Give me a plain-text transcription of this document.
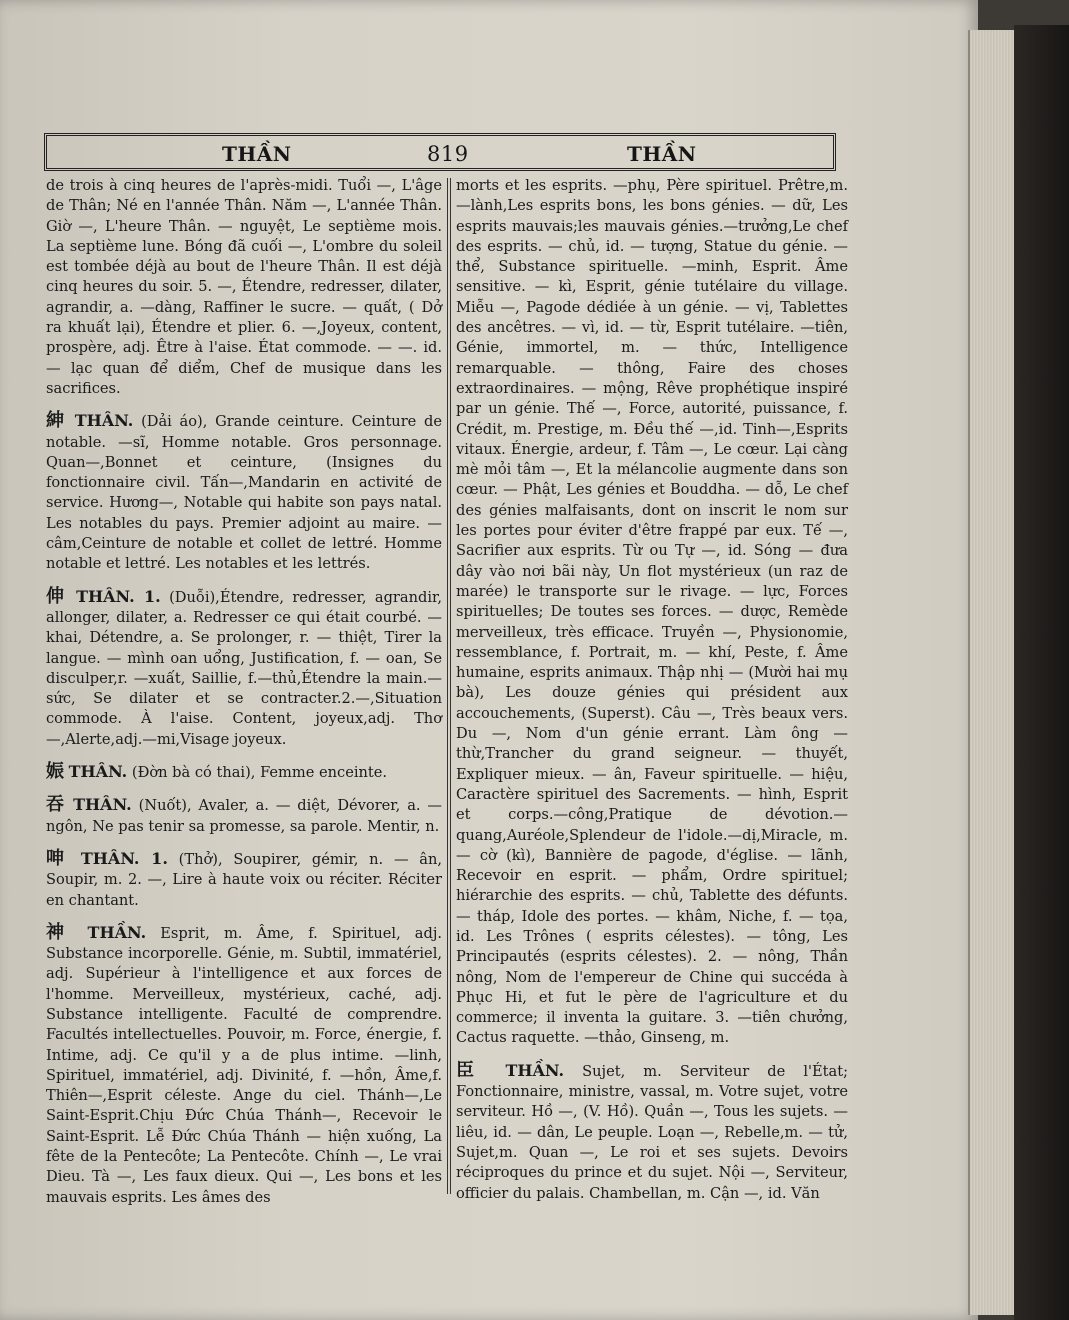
THẦN	819	THẦN

de trois à cinq heures de l'après-midi. Tuổi —, L'âge de Thân; Né en l'année Thân. Năm —, L'année Thân. Giờ —, L'heure Thân. — nguyệt, Le septième mois. La septième lune. Bóng đã cuối —, L'ombre du soleil est tombée déjà au bout de l'heure Thân. Il est déjà cinq heures du soir. 5. —, Étendre, redresser, dilater, agrandir, a. —dàng, Raffiner le sucre. — quất, ( Dở ra khuất lại), Étendre et plier. 6. —,Joyeux, content, prospère, adj. Être à l'aise. État commode. — —. id. — lạc quan để diểm, Chef de musique dans les sacrifices.

紳 THÂN. (Dải áo), Grande ceinture. Ceinture de notable. —sĩ, Homme notable. Gros personnage. Quan—,Bonnet et ceinture, (Insignes du fonctionnaire civil. Tấn—,Mandarin en activité de service. Hương—, Notable qui habite son pays natal. Les notables du pays. Premier adjoint au maire. — câm,Ceinture de notable et collet de lettré. Homme notable et lettré. Les notables et les lettrés.

伸 THÂN. 1. (Duỗi),Étendre, redresser, agrandir, allonger, dilater, a. Redresser ce qui était courbé. — khai, Détendre, a. Se prolonger, r. — thiệt, Tirer la langue. — mình oan uổng, Justification, f. — oan, Se disculper,r. —xuất, Saillie, f.—thủ,Étendre la main.—sức, Se dilater et se contracter.2.—,Situation commode. À l'aise. Content, joyeux,adj. Thơ—,Alerte,adj.—mi,Visage joyeux.

娠 THÂN. (Đờn bà có thai), Femme enceinte.

吞 THÂN. (Nuốt), Avaler, a. — diệt, Dévorer, a. — ngôn, Ne pas tenir sa promesse, sa parole. Mentir, n.

呻 THÂN. 1. (Thở), Soupirer, gémir, n. — ân, Soupir, m. 2. —, Lire à haute voix ou réciter. Réciter en chantant.

神 THẦN. Esprit, m. Âme, f. Spirituel, adj. Substance incorporelle. Génie, m. Subtil, immatériel, adj. Supérieur à l'intelligence et aux forces de l'homme. Merveilleux, mystérieux, caché, adj. Substance intelligente. Faculté de comprendre. Facultés intellectuelles. Pouvoir, m. Force, énergie, f. Intime, adj. Ce qu'il y a de plus intime. —linh, Spirituel, immatériel, adj. Divinité, f. —hồn, Âme,f. Thiên—,Esprit céleste. Ange du ciel. Thánh—,Le Saint-Esprit.Chịu Đức Chúa Thánh—, Recevoir le Saint-Esprit. Lễ Đức Chúa Thánh — hiện xuống, La fête de la Pentecôte; La Pentecôte. Chính —, Le vrai Dieu. Tà —, Les faux dieux. Qui —, Les bons et les mauvais esprits. Les âmes des

morts et les esprits. —phụ, Père spirituel. Prêtre,m. —lành,Les esprits bons, les bons génies. — dữ, Les esprits mauvais;les mauvais génies.—trưởng,Le chef des esprits. — chủ, id. — tượng, Statue du génie. — thể, Substance spirituelle. —minh, Esprit. Âme sensitive. — kì, Esprit, génie tutélaire du village. Miễu —, Pagode dédiée à un génie. — vị, Tablettes des ancêtres. — vì, id. — từ, Esprit tutélaire. —tiên, Génie, immortel, m. — thức, Intelligence remarquable. — thông, Faire des choses extraordinaires. — mộng, Rêve prophétique inspiré par un génie. Thế —, Force, autorité, puissance, f. Crédit, m. Prestige, m. Đều thế —,id. Tinh—,Esprits vitaux. Énergie, ardeur, f. Tâm —, Le cœur. Lại càng mè mỏi tâm —, Et la mélancolie augmente dans son cœur. — Phật, Les génies et Bouddha. — dỗ, Le chef des génies malfaisants, dont on inscrit le nom sur les portes pour éviter d'être frappé par eux. Tế —, Sacrifier aux esprits. Từ ou Tự —, id. Sóng — đưa dây vào nơi bãi này, Un flot mystérieux (un raz de marée) le transporte sur le rivage. — lực, Forces spirituelles; De toutes ses forces. — dược, Remède merveilleux, très efficace. Truyền —, Physionomie, ressemblance, f. Portrait, m. — khí, Peste, f. Âme humaine, esprits animaux. Thập nhị — (Mười hai mụ bà), Les douze génies qui président aux accouchements, (Superst). Câu —, Très beaux vers. Du —, Nom d'un génie errant. Làm ông — thừ,Trancher du grand seigneur. — thuyết, Expliquer mieux. — ân, Faveur spirituelle. — hiệu, Caractère spirituel des Sacrements. — hình, Esprit et corps.—công,Pratique de dévotion.—quang,Auréole,Splendeur de l'idole.—dị,Miracle, m. — cờ (kì), Bannière de pagode, d'église. — lãnh, Recevoir en esprit. — phẩm, Ordre spirituel; hiérarchie des esprits. — chủ, Tablette des défunts. — tháp, Idole des portes. — khâm, Niche, f. — tọa, id. Les Trônes ( esprits célestes). — tông, Les Principautés (esprits célestes). 2. — nông, Thần nông, Nom de l'empereur de Chine qui succéda à Phục Hi, et fut le père de l'agriculture et du commerce; il inventa la guitare. 3. —tiên chưởng, Cactus raquette. —thảo, Ginseng, m.

臣 THẦN. Sujet, m. Serviteur de l'État; Fonctionnaire, ministre, vassal, m. Votre sujet, votre serviteur. Hồ —, (V. Hồ). Quần —, Tous les sujets. — liêu, id. — dân, Le peuple. Loạn —, Rebelle,m. — tử, Sujet,m. Quan —, Le roi et ses sujets. Devoirs réciproques du prince et du sujet. Nội —, Serviteur, officier du palais. Chambellan, m. Cận —, id. Văn
